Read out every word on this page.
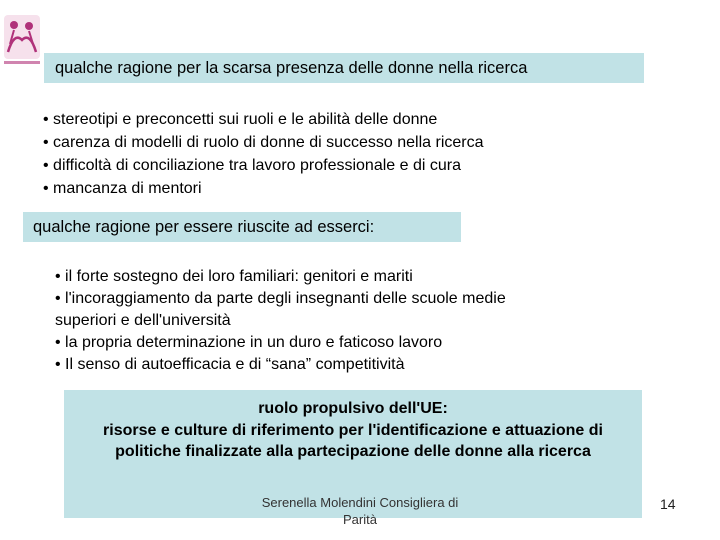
qualche ragione per la scarsa presenza delle donne nella ricerca
• stereotipi e preconcetti sui ruoli e le abilità delle donne
• carenza di modelli di ruolo di donne di successo nella ricerca
• difficoltà di conciliazione tra lavoro professionale e di cura
• mancanza di mentori
qualche ragione per essere riuscite ad esserci:
• il forte sostegno dei loro familiari: genitori e mariti
• l'incoraggiamento da parte degli insegnanti delle scuole medie
superiori e dell'università
• la propria determinazione in un duro e faticoso lavoro
• Il senso di autoefficacia e di “sana” competitività
ruolo propulsivo dell'UE:
risorse e culture di riferimento per l'identificazione e attuazione di
politiche finalizzate alla partecipazione delle donne alla ricerca
Serenella Molendini Consigliera di
Parità
14
